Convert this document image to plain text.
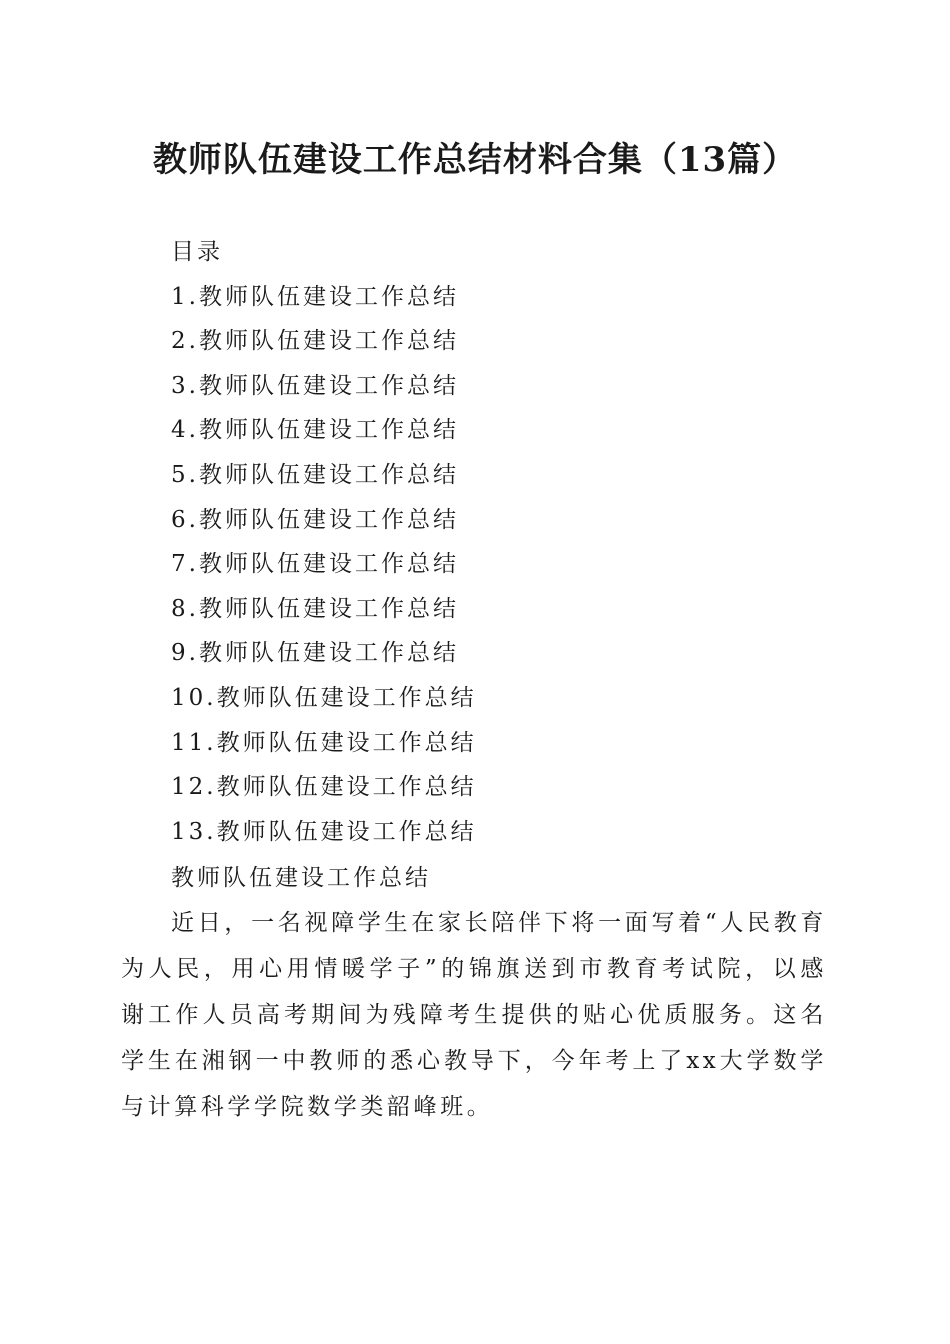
教师队伍建设工作总结材料合集（13篇）
目录
1.教师队伍建设工作总结
2.教师队伍建设工作总结
3.教师队伍建设工作总结
4.教师队伍建设工作总结
5.教师队伍建设工作总结
6.教师队伍建设工作总结
7.教师队伍建设工作总结
8.教师队伍建设工作总结
9.教师队伍建设工作总结
10.教师队伍建设工作总结
11.教师队伍建设工作总结
12.教师队伍建设工作总结
13.教师队伍建设工作总结
教师队伍建设工作总结

近日，一名视障学生在家长陪伴下将一面写着“人民教育为人民，用心用情暖学子”的锦旗送到市教育考试院，以感谢工作人员高考期间为残障考生提供的贴心优质服务。这名学生在湘钢一中教师的悉心教导下，今年考上了xx大学数学与计算科学学院数学类韶峰班。
